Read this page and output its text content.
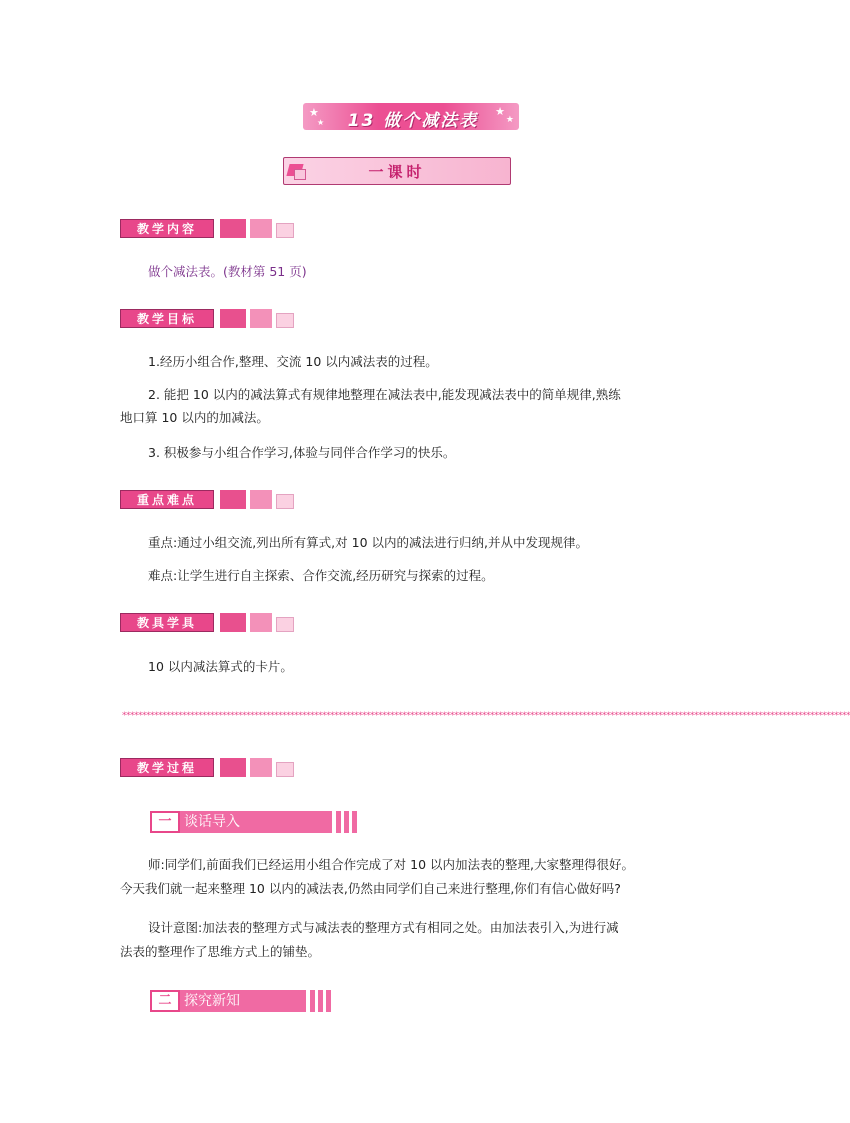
★
★	13 做个减法表	★
★
一课时
教学内容
做个减法表。(教材第 51 页)
教学目标
1.经历小组合作,整理、交流 10 以内减法表的过程。
2. 能把 10 以内的减法算式有规律地整理在减法表中,能发现减法表中的简单规律,熟练
地口算 10 以内的加减法。
3. 积极参与小组合作学习,体验与同伴合作学习的快乐。
重点难点
重点:通过小组交流,列出所有算式,对 10 以内的减法进行归纳,并从中发现规律。
难点:让学生进行自主探索、合作交流,经历研究与探索的过程。
教具学具
10 以内减法算式的卡片。
**************************************************************************************************************************************************************************************
教学过程
一 谈话导入
师:同学们,前面我们已经运用小组合作完成了对 10 以内加法表的整理,大家整理得很好。
今天我们就一起来整理 10 以内的减法表,仍然由同学们自己来进行整理,你们有信心做好吗?
设计意图:加法表的整理方式与减法表的整理方式有相同之处。由加法表引入,为进行减
法表的整理作了思维方式上的铺垫。
二 探究新知
